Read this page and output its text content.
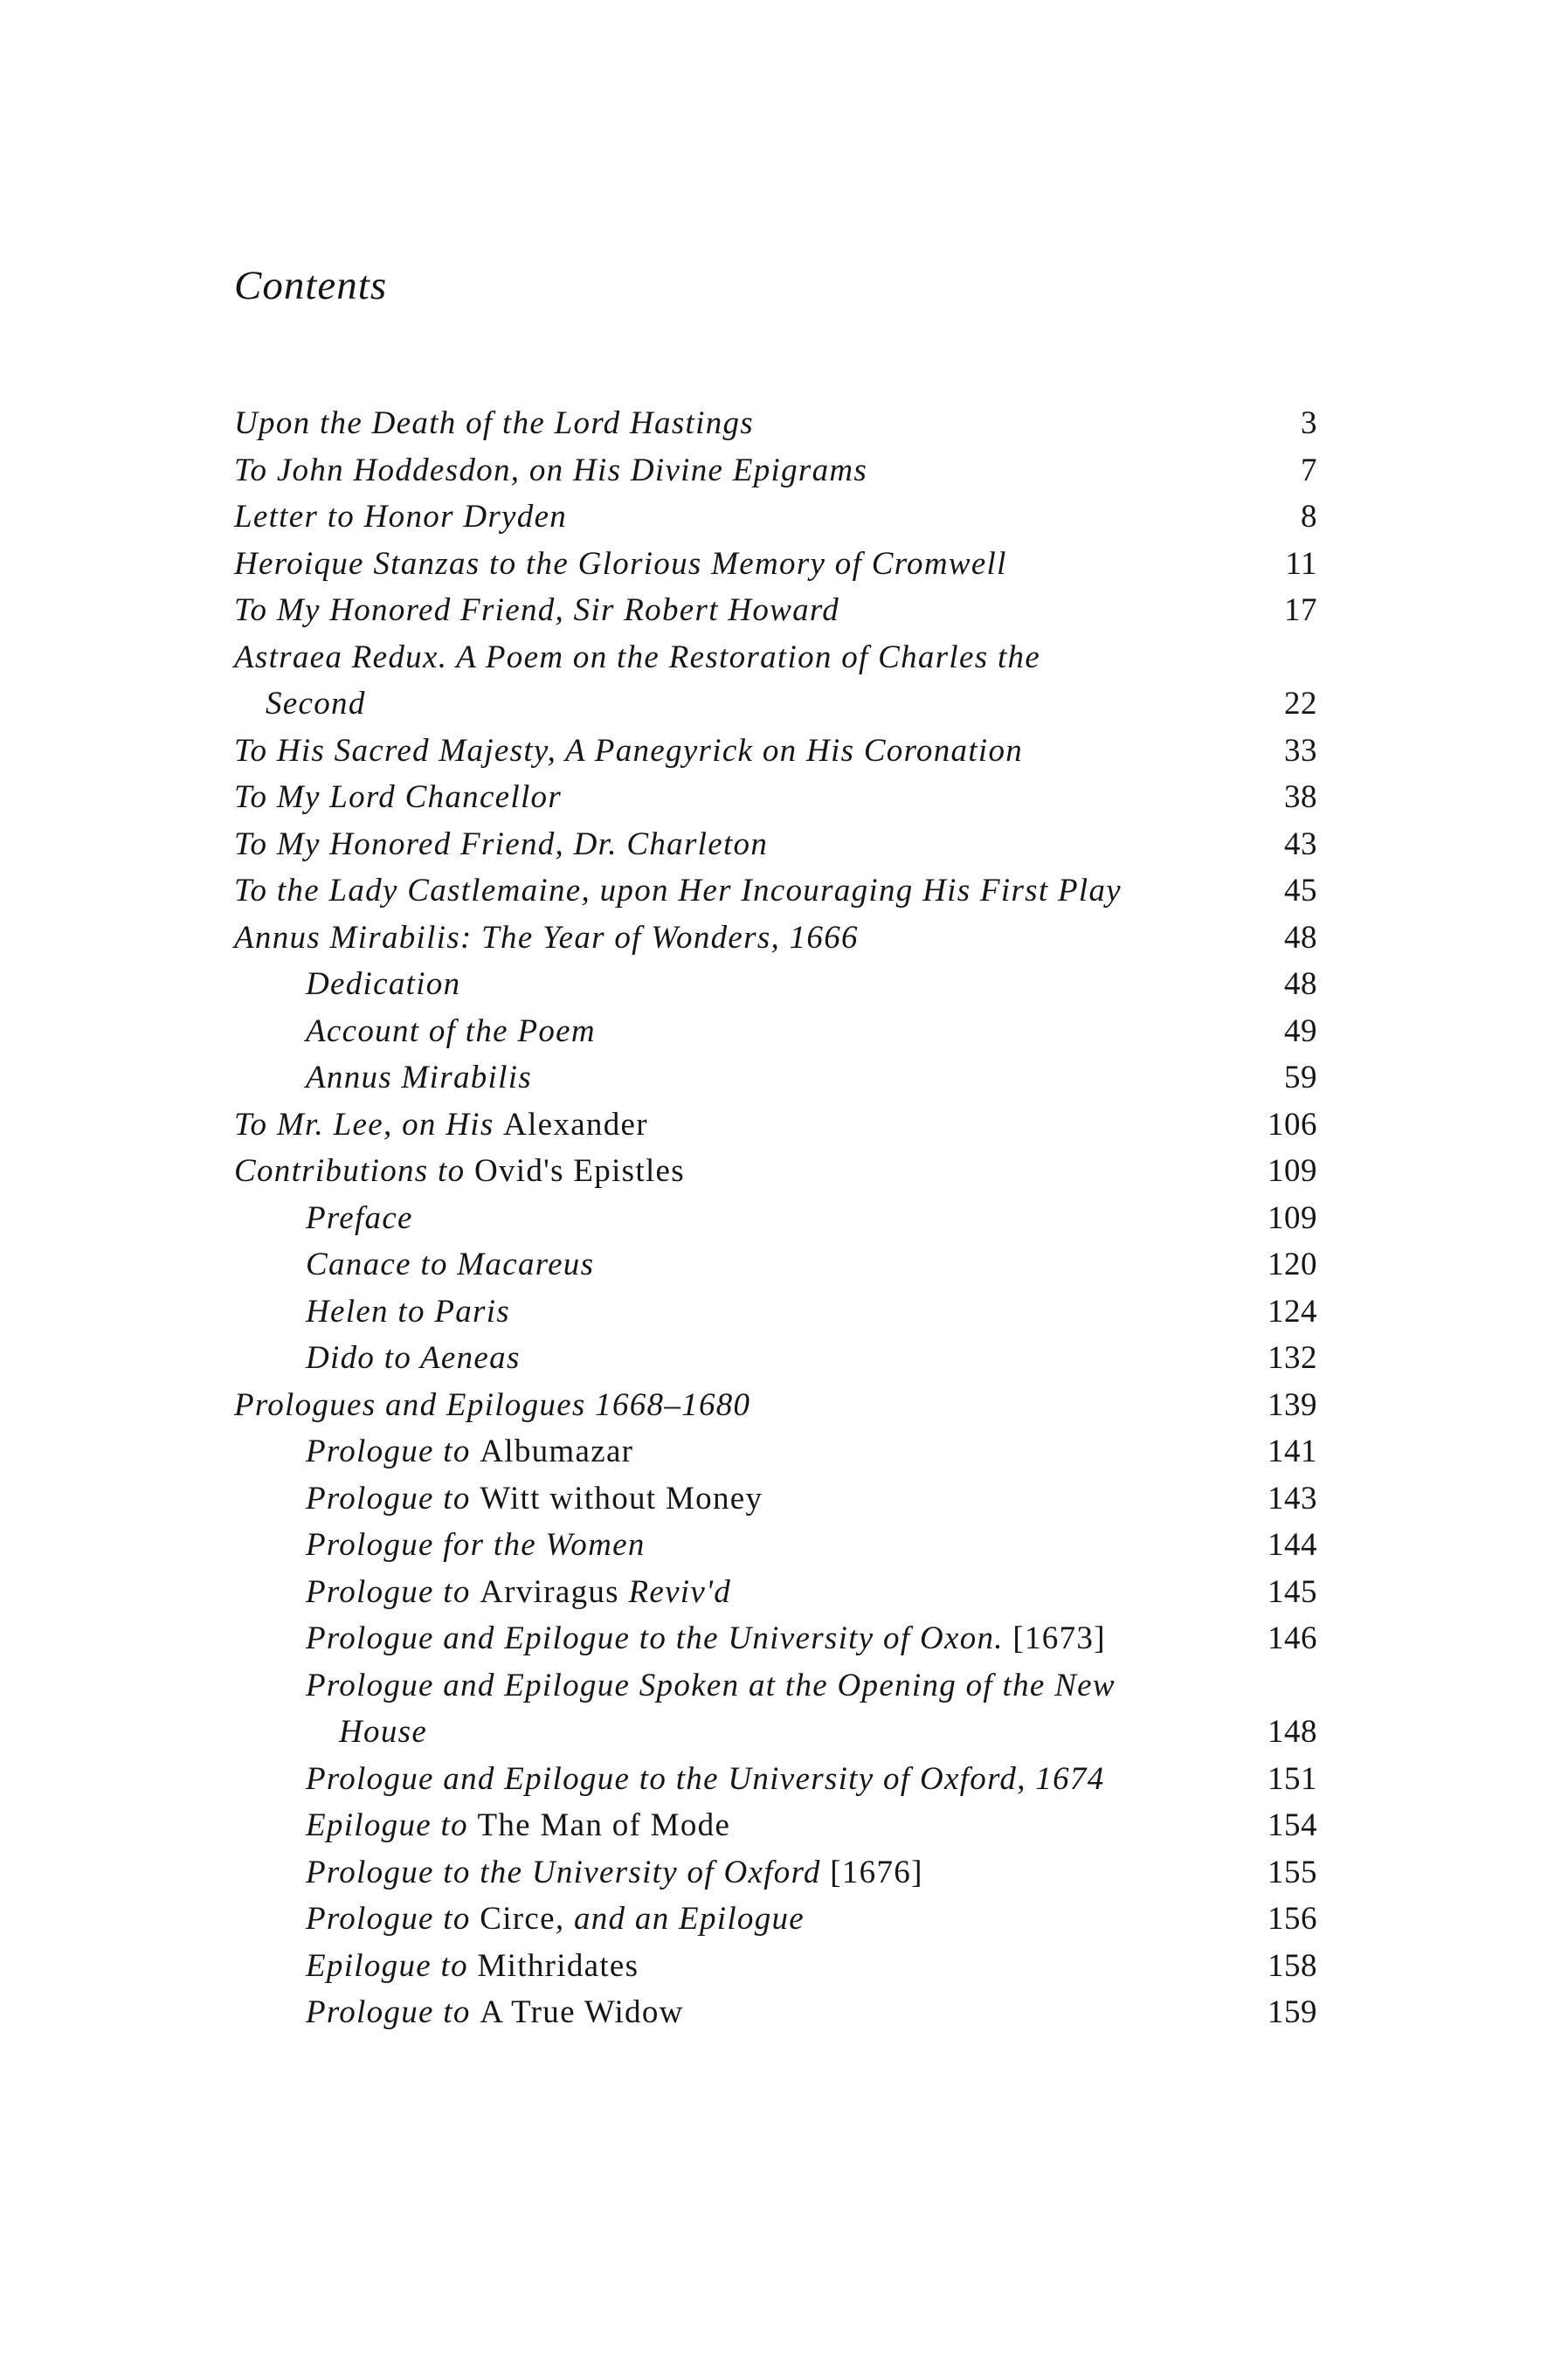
Contents
Upon the Death of the Lord Hastings	3
To John Hoddesdon, on His Divine Epigrams	7
Letter to Honor Dryden	8
Heroique Stanzas to the Glorious Memory of Cromwell	11
To My Honored Friend, Sir Robert Howard	17
Astraea Redux. A Poem on the Restoration of Charles the
Second	22
To His Sacred Majesty, A Panegyrick on His Coronation	33
To My Lord Chancellor	38
To My Honored Friend, Dr. Charleton	43
To the Lady Castlemaine, upon Her Incouraging His First Play	45
Annus Mirabilis: The Year of Wonders, 1666	48
Dedication	48
Account of the Poem	49
Annus Mirabilis	59
To Mr. Lee, on His Alexander	106
Contributions to Ovid's Epistles	109
Preface	109
Canace to Macareus	120
Helen to Paris	124
Dido to Aeneas	132
Prologues and Epilogues 1668–1680	139
Prologue to Albumazar	141
Prologue to Witt without Money	143
Prologue for the Women	144
Prologue to Arviragus Reviv'd	145
Prologue and Epilogue to the University of Oxon. [1673]	146
Prologue and Epilogue Spoken at the Opening of the New
House	148
Prologue and Epilogue to the University of Oxford, 1674	151
Epilogue to The Man of Mode	154
Prologue to the University of Oxford [1676]	155
Prologue to Circe, and an Epilogue	156
Epilogue to Mithridates	158
Prologue to A True Widow	159
